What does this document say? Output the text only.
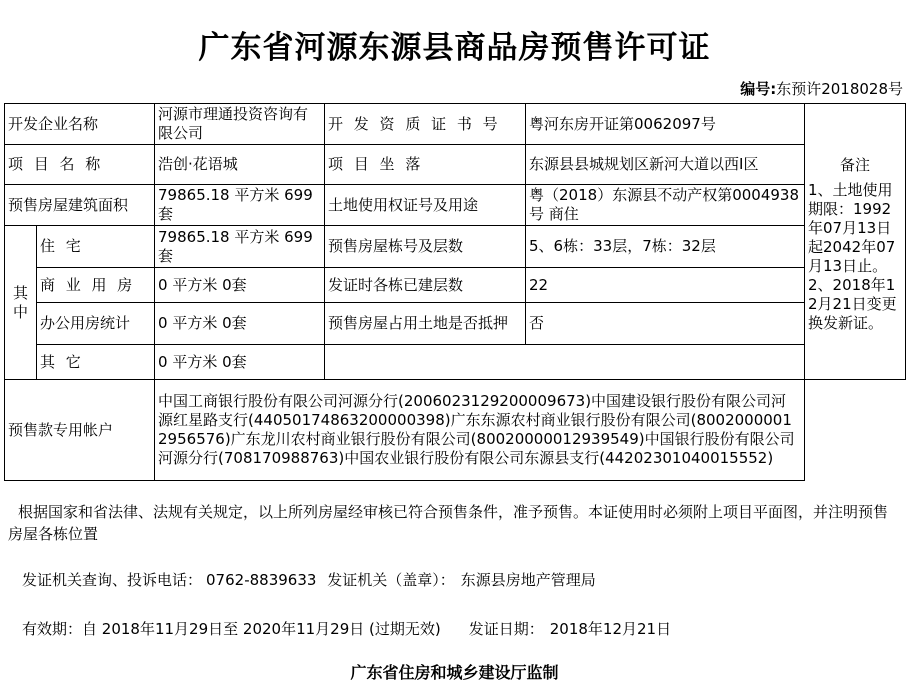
广东省河源东源县商品房预售许可证
编号:东预许2018028号
开发企业名称		河源市理通投资咨询有限公司	开 发 资 质 证 书 号	粤河东房开证第0062097号	备注
1、土地使用期限：1992年07月13日起2042年07月13日止。2、2018年12月21日变更换发新证。
项 目 名 称		浩创·花语城	项 目 坐 落	东源县县城规划区新河大道以西I区	
预售房屋建筑面积		79865.18 平方米 699套	土地使用权证号及用途	粤（2018）东源县不动产权第0004938号 商住	
其中	住 宅	79865.18 平方米 699套	预售房屋栋号及层数	5、6栋：33层，7栋：32层	
	商 业 用 房	0 平方米 0套	发证时各栋已建层数	22	
	办公用房统计	0 平方米 0套	预售房屋占用土地是否抵押	否	
	其 它	0 平方米 0套			
预售款专用帐户		中国工商银行股份有限公司河源分行(2006023129200009673)中国建设银行股份有限公司河源红星路支行(44050174863200000398)广东东源农村商业银行股份有限公司(80020000012956576)广东龙川农村商业银行股份有限公司(80020000012939549)中国银行股份有限公司河源分行(708170988763)中国农业银行股份有限公司东源县支行(44202301040015552)			
根据国家和省法律、法规有关规定，以上所列房屋经审核已符合预售条件，准予预售。本证使用时必须附上项目平面图，并注明预售房屋各栋位置
发证机关查询、投诉电话： 0762-8839633 发证机关（盖章）： 东源县房地产管理局
有效期：自 2018年11月29日至 2020年11月29日 (过期无效) 发证日期： 2018年12月21日
广东省住房和城乡建设厅监制
